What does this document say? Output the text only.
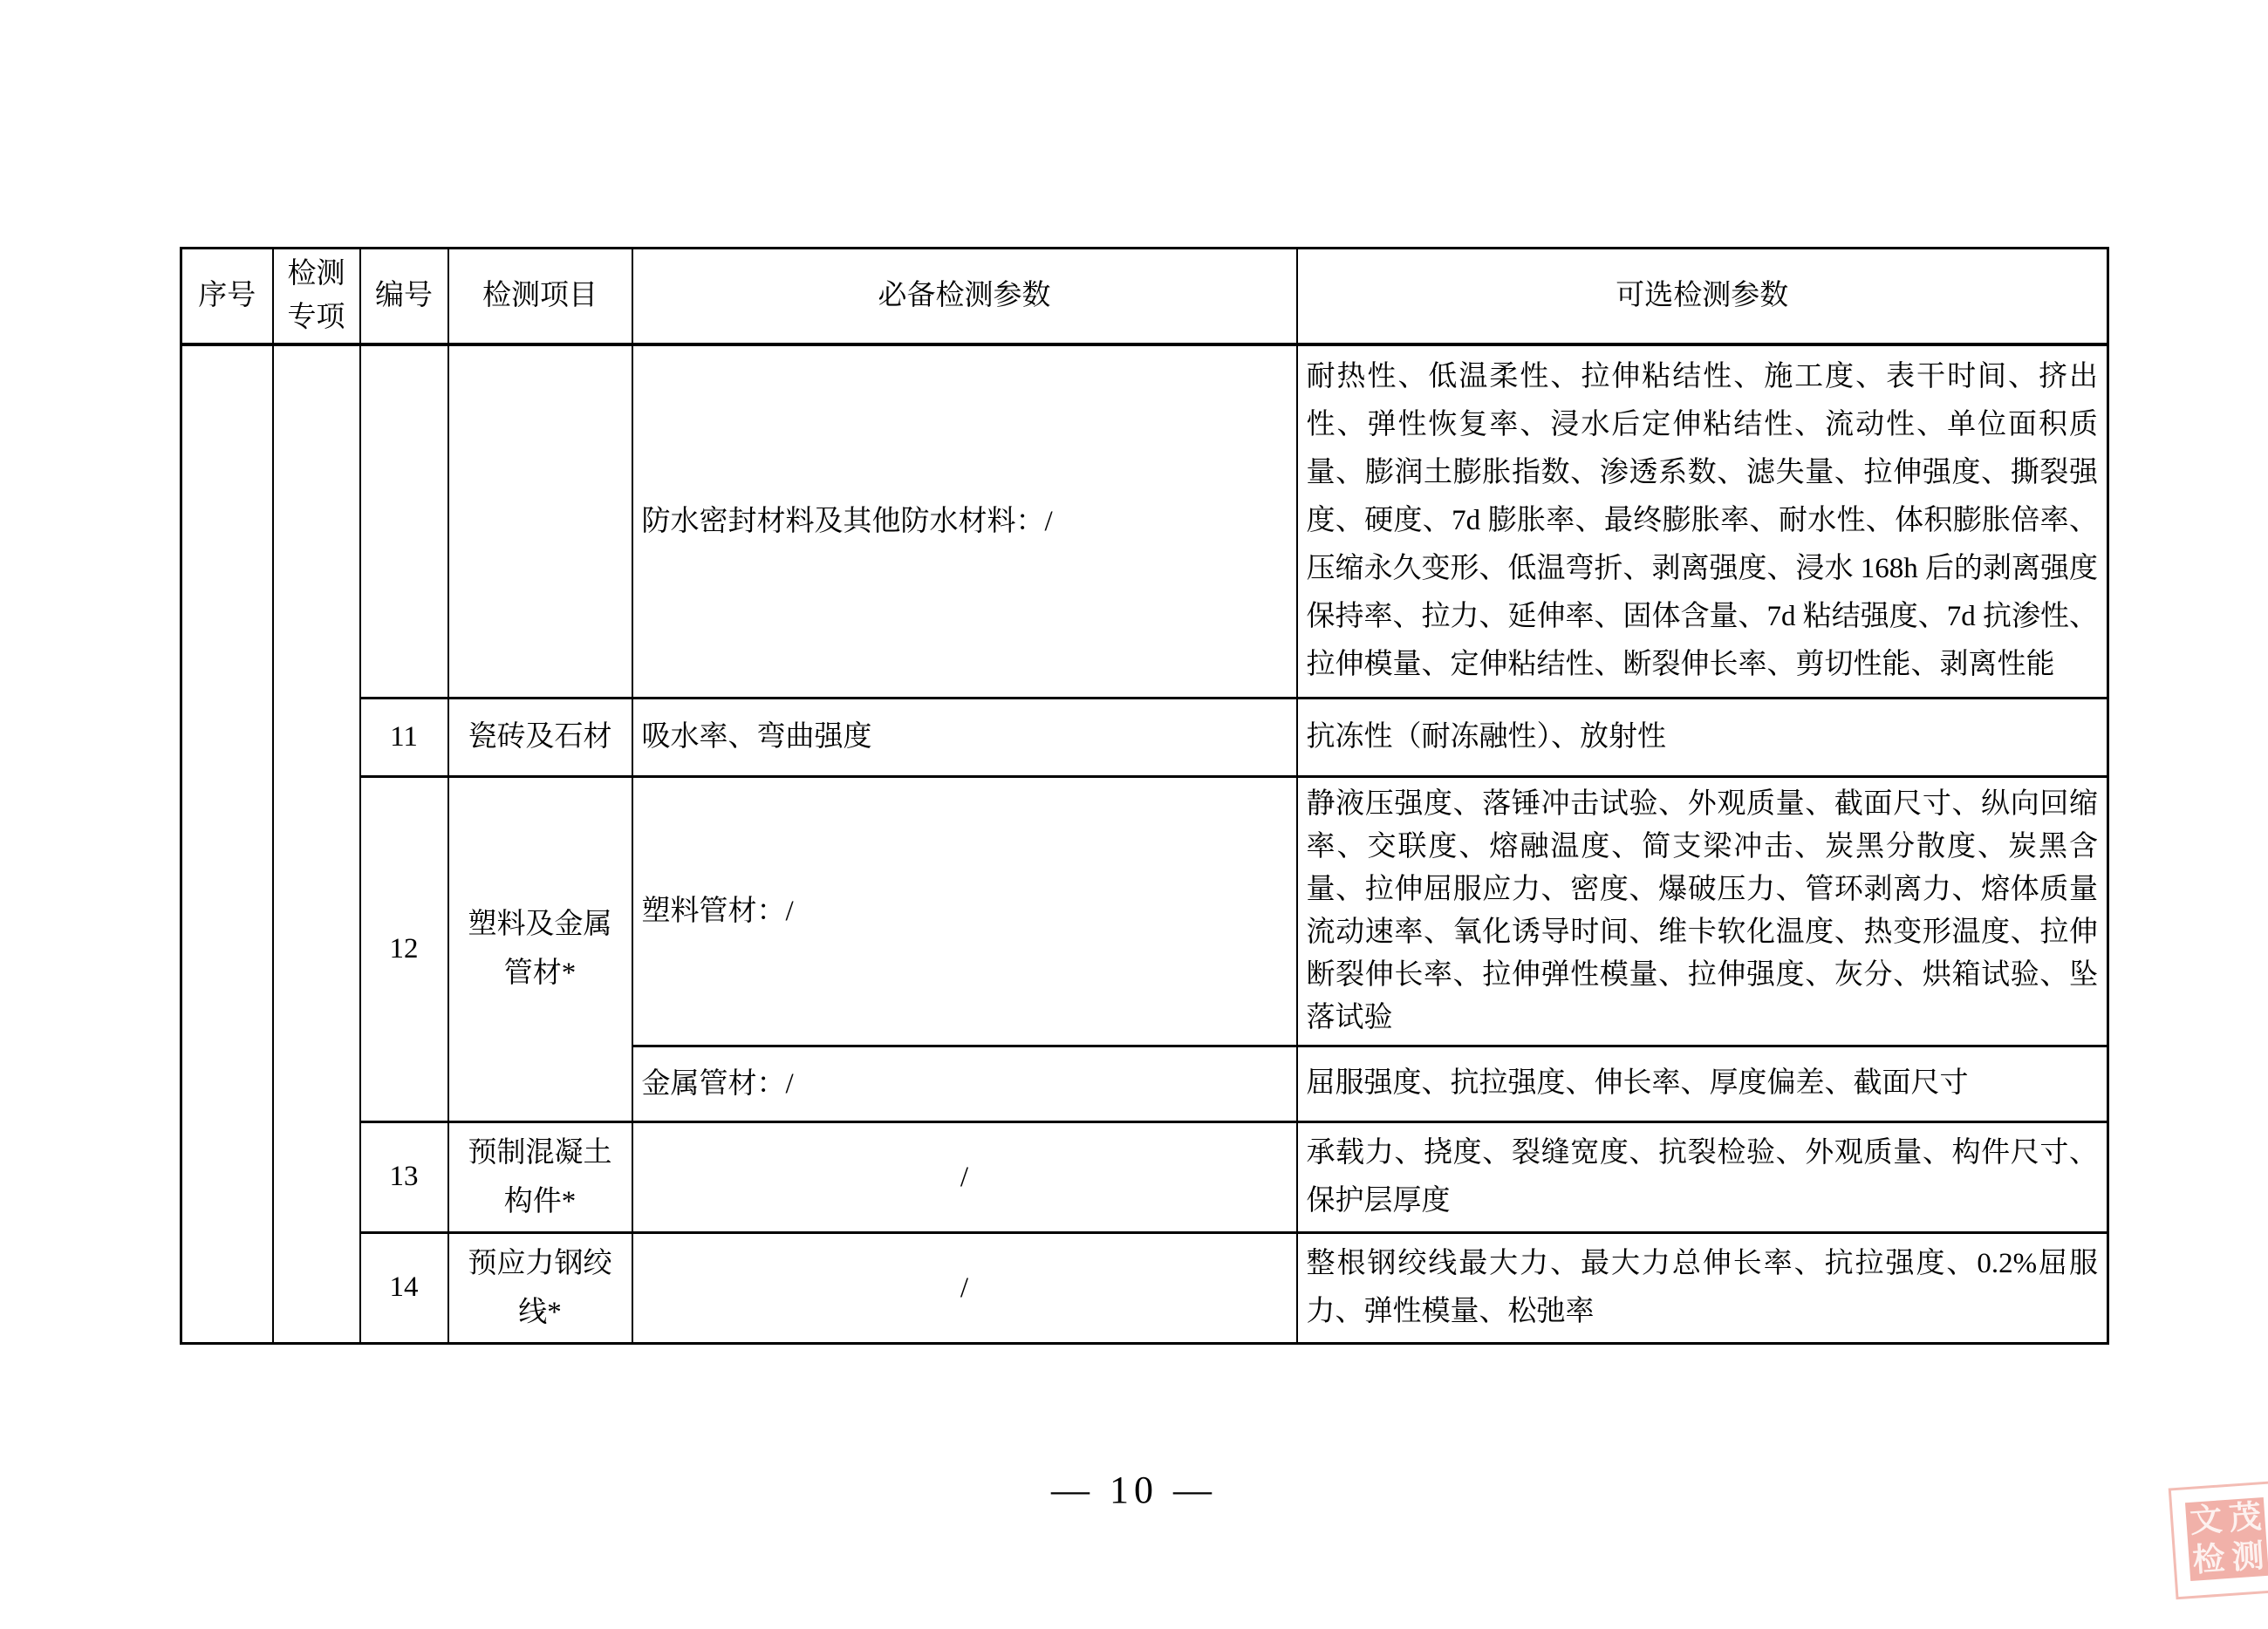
序号	检测专项	编号	检测项目	必备检测参数	可选检测参数
				防水密封材料及其他防水材料：/	耐热性、低温柔性、拉伸粘结性、施工度、表干时间、挤出性、弹性恢复率、浸水后定伸粘结性、流动性、单位面积质量、膨润土膨胀指数、渗透系数、滤失量、拉伸强度、撕裂强度、硬度、7d 膨胀率、最终膨胀率、耐水性、体积膨胀倍率、压缩永久变形、低温弯折、剥离强度、浸水 168h 后的剥离强度保持率、拉力、延伸率、固体含量、7d 粘结强度、7d 抗渗性、拉伸模量、定伸粘结性、断裂伸长率、剪切性能、剥离性能
		11	瓷砖及石材	吸水率、弯曲强度	抗冻性（耐冻融性）、放射性
		12	塑料及金属管材*	塑料管材：/	静液压强度、落锤冲击试验、外观质量、截面尺寸、纵向回缩率、交联度、熔融温度、简支梁冲击、炭黑分散度、炭黑含量、拉伸屈服应力、密度、爆破压力、管环剥离力、熔体质量流动速率、氧化诱导时间、维卡软化温度、热变形温度、拉伸断裂伸长率、拉伸弹性模量、拉伸强度、灰分、烘箱试验、坠落试验
				金属管材：/	屈服强度、抗拉强度、伸长率、厚度偏差、截面尺寸
		13	预制混凝土构件*	/	承载力、挠度、裂缝宽度、抗裂检验、外观质量、构件尺寸、保护层厚度
		14	预应力钢绞线*	/	整根钢绞线最大力、最大力总伸长率、抗拉强度、0.2%屈服力、弹性模量、松弛率
— 10 —
文 茂
检 测
